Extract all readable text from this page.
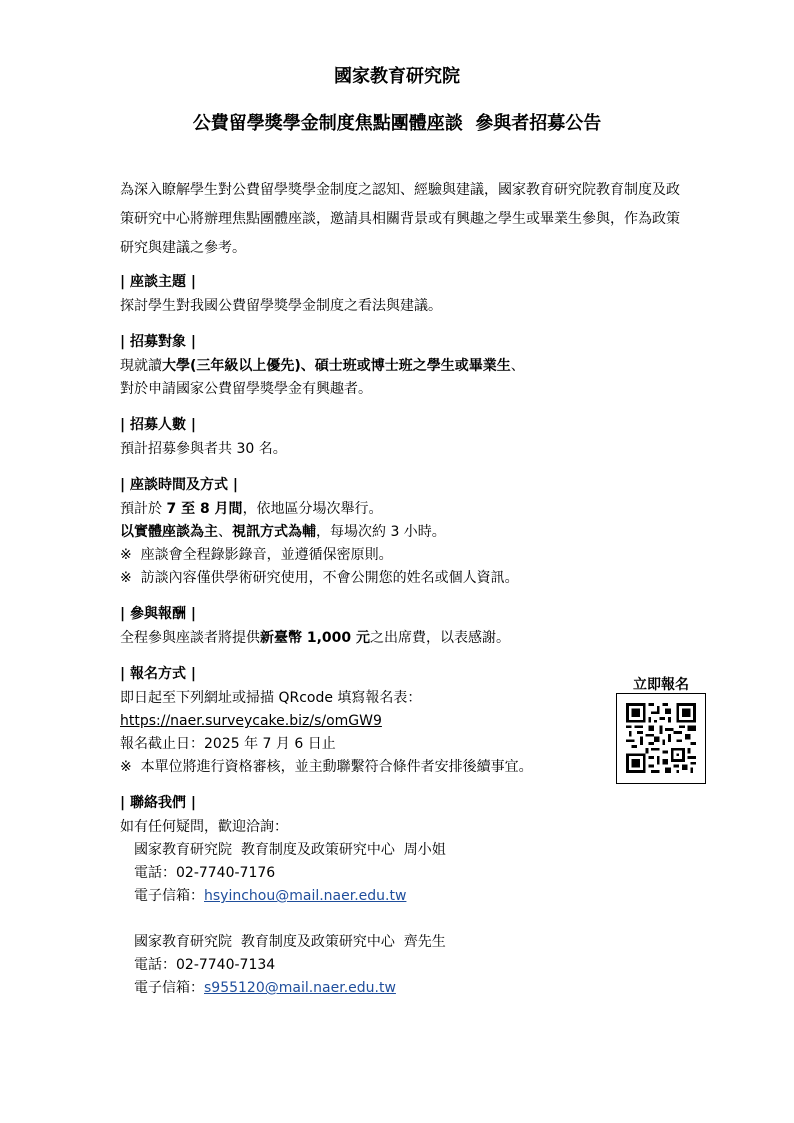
國家教育研究院
公費留學獎學金制度焦點團體座談  參與者招募公告
為深入瞭解學生對公費留學獎學金制度之認知、經驗與建議，國家教育研究院教育制度及政策研究中心將辦理焦點團體座談，邀請具相關背景或有興趣之學生或畢業生參與，作為政策研究與建議之參考。
| 座談主題 |
探討學生對我國公費留學獎學金制度之看法與建議。
| 招募對象 |
現就讀大學(三年級以上優先)、碩士班或博士班之學生或畢業生、
對於申請國家公費留學獎學金有興趣者。
| 招募人數 |
預計招募參與者共 30 名。
| 座談時間及方式 |
預計於 7 至 8 月間，依地區分場次舉行。
以實體座談為主、視訊方式為輔，每場次約 3 小時。
※  座談會全程錄影錄音，並遵循保密原則。
※  訪談內容僅供學術研究使用，不會公開您的姓名或個人資訊。
| 參與報酬 |
全程參與座談者將提供新臺幣 1,000 元之出席費，以表感謝。
| 報名方式 |
即日起至下列網址或掃描 QRcode 填寫報名表：
https://naer.surveycake.biz/s/omGW9
報名截止日：2025 年 7 月 6 日止
※  本單位將進行資格審核，並主動聯繫符合條件者安排後續事宜。
| 聯絡我們 |
如有任何疑問，歡迎洽詢：
國家教育研究院  教育制度及政策研究中心  周小姐
電話：02-7740-7176
電子信箱：hsyinchou@mail.naer.edu.tw
國家教育研究院  教育制度及政策研究中心  齊先生
電話：02-7740-7134
電子信箱：s955120@mail.naer.edu.tw
立即報名
